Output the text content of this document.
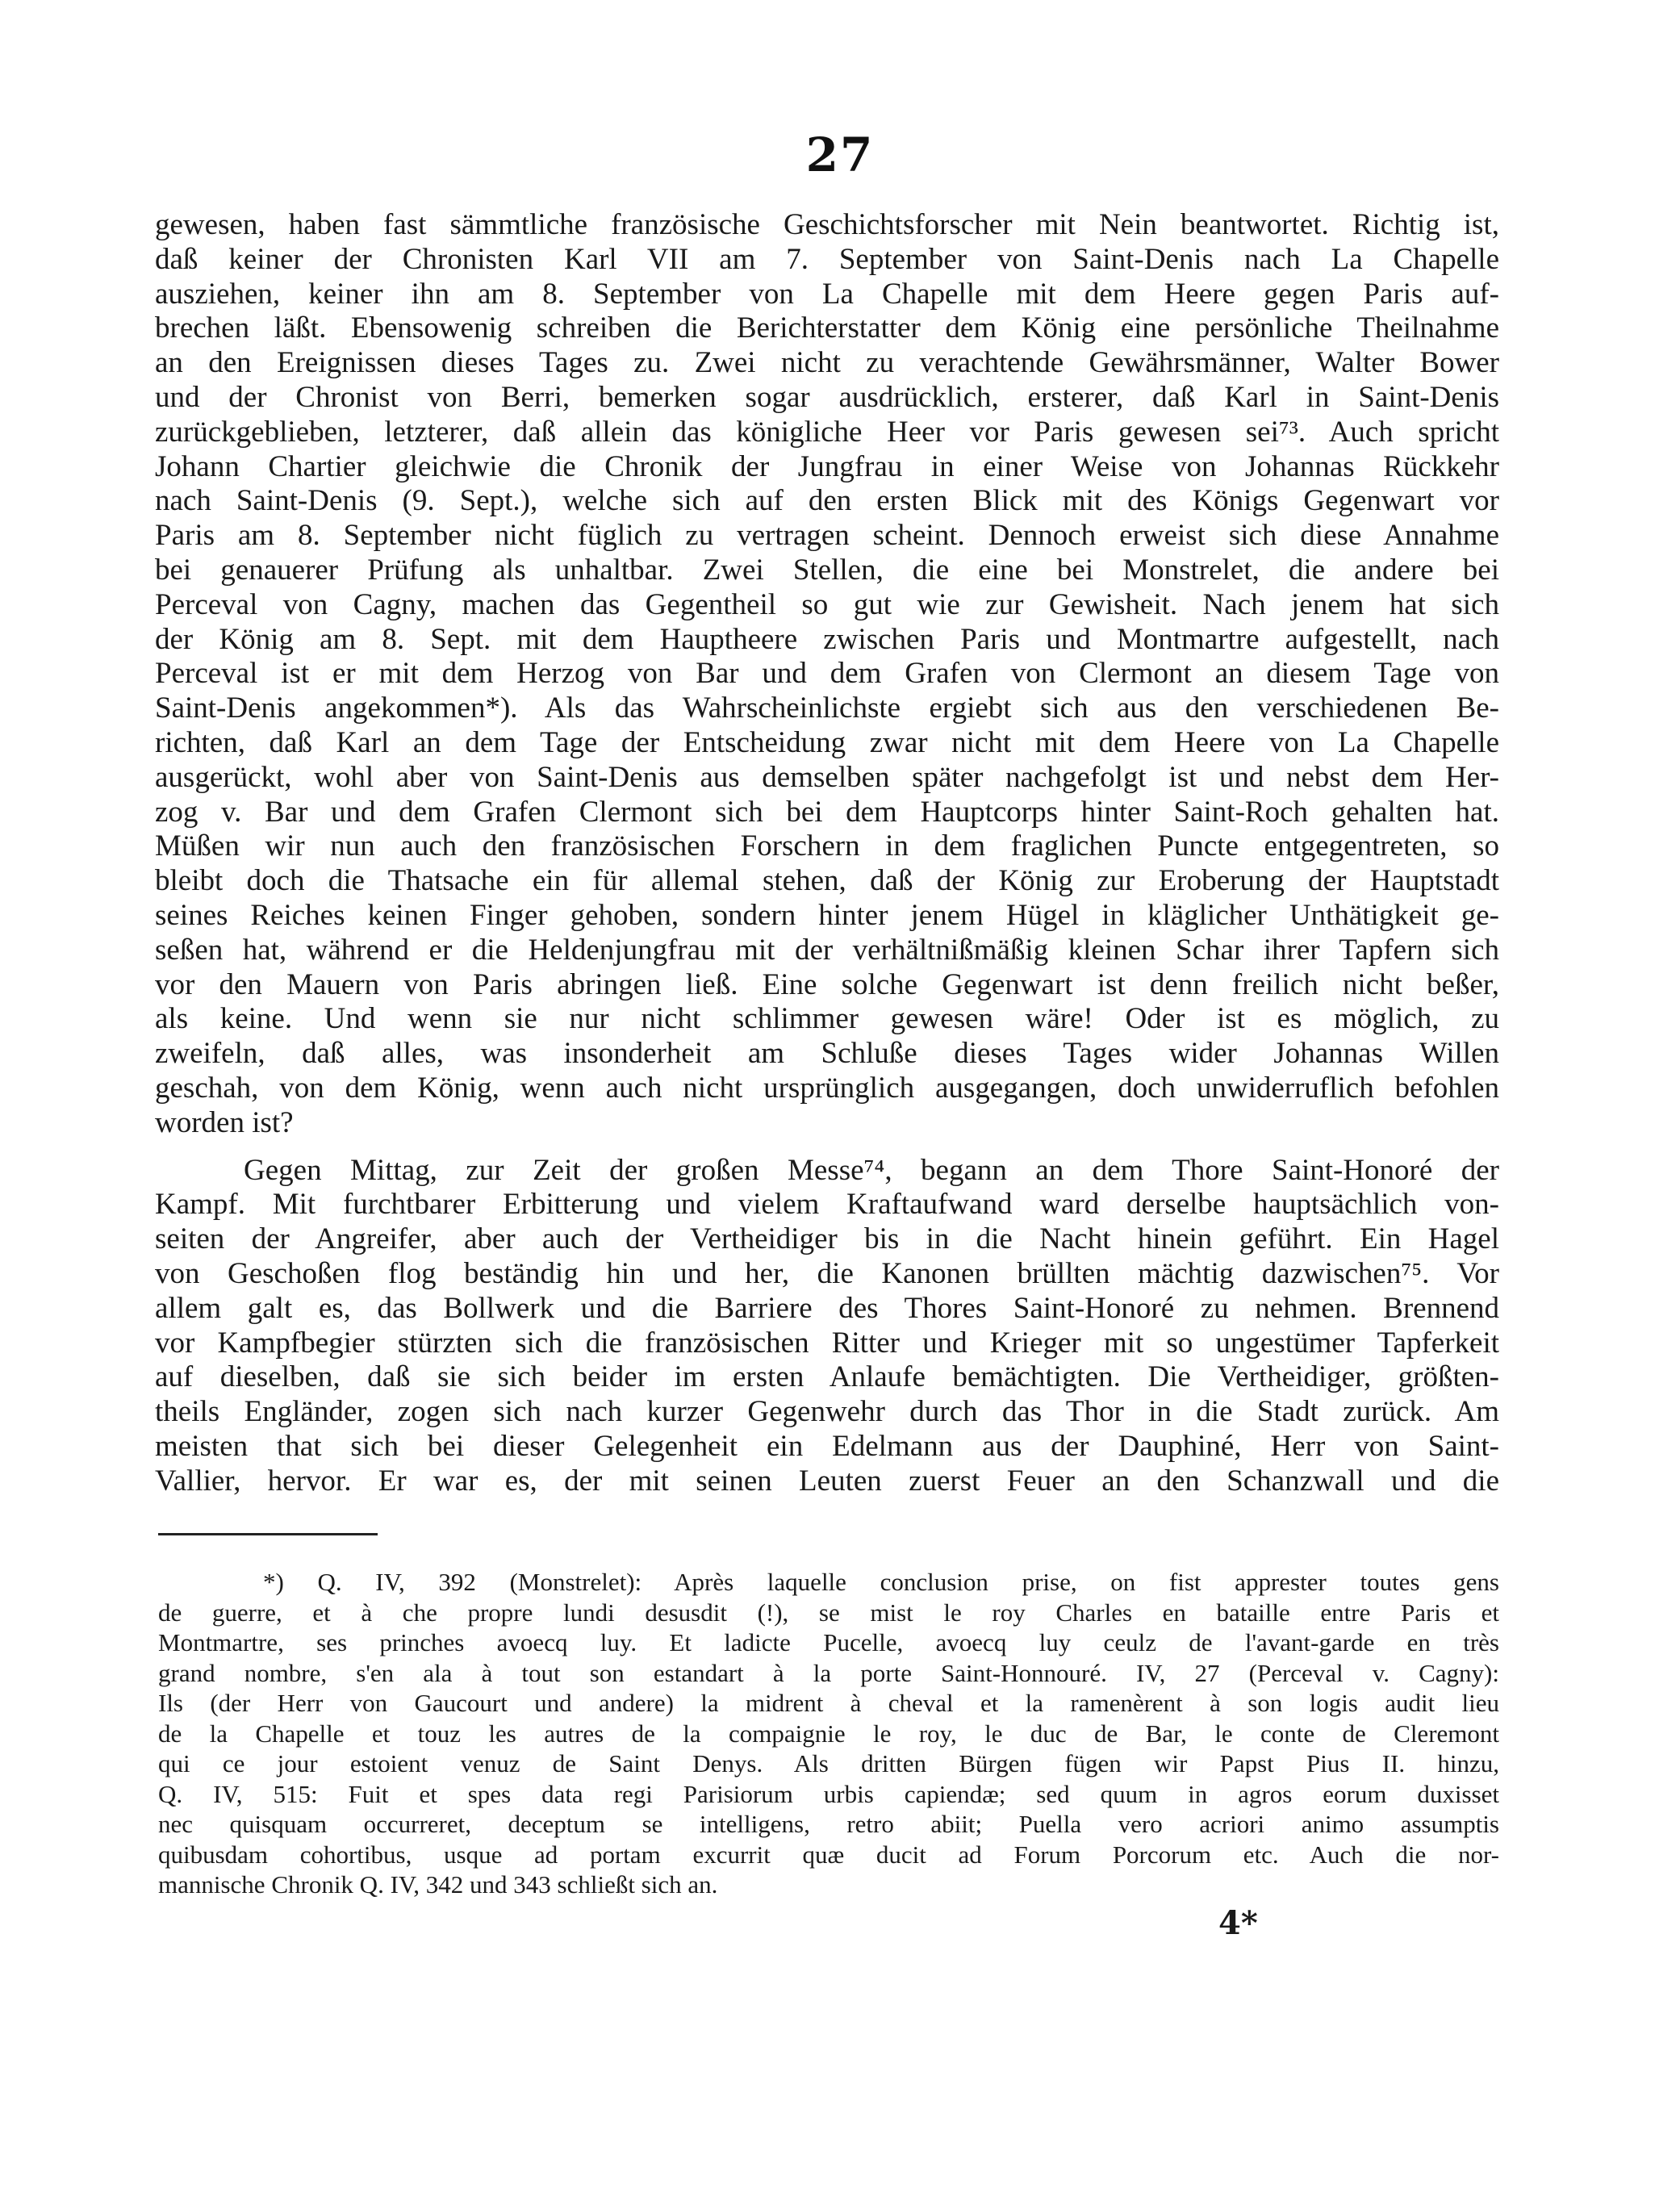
27
gewesen, haben fast sämmtliche französische Geschichtsforscher mit Nein beantwortet. Richtig ist,
daß keiner der Chronisten Karl VII am 7. September von Saint-Denis nach La Chapelle
ausziehen, keiner ihn am 8. September von La Chapelle mit dem Heere gegen Paris auf-
brechen läßt. Ebensowenig schreiben die Berichterstatter dem König eine persönliche Theilnahme
an den Ereignissen dieses Tages zu. Zwei nicht zu verachtende Gewährsmänner, Walter Bower
und der Chronist von Berri, bemerken sogar ausdrücklich, ersterer, daß Karl in Saint-Denis
zurückgeblieben, letzterer, daß allein das königliche Heer vor Paris gewesen sei⁷³. Auch spricht
Johann Chartier gleichwie die Chronik der Jungfrau in einer Weise von Johannas Rückkehr
nach Saint-Denis (9. Sept.), welche sich auf den ersten Blick mit des Königs Gegenwart vor
Paris am 8. September nicht füglich zu vertragen scheint. Dennoch erweist sich diese Annahme
bei genauerer Prüfung als unhaltbar. Zwei Stellen, die eine bei Monstrelet, die andere bei
Perceval von Cagny, machen das Gegentheil so gut wie zur Gewisheit. Nach jenem hat sich
der König am 8. Sept. mit dem Hauptheere zwischen Paris und Montmartre aufgestellt, nach
Perceval ist er mit dem Herzog von Bar und dem Grafen von Clermont an diesem Tage von
Saint-Denis angekommen*). Als das Wahrscheinlichste ergiebt sich aus den verschiedenen Be-
richten, daß Karl an dem Tage der Entscheidung zwar nicht mit dem Heere von La Chapelle
ausgerückt, wohl aber von Saint-Denis aus demselben später nachgefolgt ist und nebst dem Her-
zog v. Bar und dem Grafen Clermont sich bei dem Hauptcorps hinter Saint-Roch gehalten hat.
Müßen wir nun auch den französischen Forschern in dem fraglichen Puncte entgegentreten, so
bleibt doch die Thatsache ein für allemal stehen, daß der König zur Eroberung der Hauptstadt
seines Reiches keinen Finger gehoben, sondern hinter jenem Hügel in kläglicher Unthätigkeit ge-
seßen hat, während er die Heldenjungfrau mit der verhältnißmäßig kleinen Schar ihrer Tapfern sich
vor den Mauern von Paris abringen ließ. Eine solche Gegenwart ist denn freilich nicht beßer,
als keine. Und wenn sie nur nicht schlimmer gewesen wäre! Oder ist es möglich, zu
zweifeln, daß alles, was insonderheit am Schluße dieses Tages wider Johannas Willen
geschah, von dem König, wenn auch nicht ursprünglich ausgegangen, doch unwiderruflich befohlen
worden ist?
Gegen Mittag, zur Zeit der großen Messe⁷⁴, begann an dem Thore Saint-Honoré der
Kampf. Mit furchtbarer Erbitterung und vielem Kraftaufwand ward derselbe hauptsächlich von-
seiten der Angreifer, aber auch der Vertheidiger bis in die Nacht hinein geführt. Ein Hagel
von Geschoßen flog beständig hin und her, die Kanonen brüllten mächtig dazwischen⁷⁵. Vor
allem galt es, das Bollwerk und die Barriere des Thores Saint-Honoré zu nehmen. Brennend
vor Kampfbegier stürzten sich die französischen Ritter und Krieger mit so ungestümer Tapferkeit
auf dieselben, daß sie sich beider im ersten Anlaufe bemächtigten. Die Vertheidiger, größten-
theils Engländer, zogen sich nach kurzer Gegenwehr durch das Thor in die Stadt zurück. Am
meisten that sich bei dieser Gelegenheit ein Edelmann aus der Dauphiné, Herr von Saint-
Vallier, hervor. Er war es, der mit seinen Leuten zuerst Feuer an den Schanzwall und die
*) Q. IV, 392 (Monstrelet): Après laquelle conclusion prise, on fist apprester toutes gens
de guerre, et à che propre lundi desusdit (!), se mist le roy Charles en bataille entre Paris et
Montmartre, ses prinches avoecq luy. Et ladicte Pucelle, avoecq luy ceulz de l'avant-garde en très
grand nombre, s'en ala à tout son estandart à la porte Saint-Honnouré. IV, 27 (Perceval v. Cagny):
Ils (der Herr von Gaucourt und andere) la midrent à cheval et la ramenèrent à son logis audit lieu
de la Chapelle et touz les autres de la compaignie le roy, le duc de Bar, le conte de Cleremont
qui ce jour estoient venuz de Saint Denys. Als dritten Bürgen fügen wir Papst Pius II. hinzu,
Q. IV, 515: Fuit et spes data regi Parisiorum urbis capiendæ; sed quum in agros eorum duxisset
nec quisquam occurreret, deceptum se intelligens, retro abiit; Puella vero acriori animo assumptis
quibusdam cohortibus, usque ad portam excurrit quæ ducit ad Forum Porcorum etc. Auch die nor-
mannische Chronik Q. IV, 342 und 343 schließt sich an.
4*
